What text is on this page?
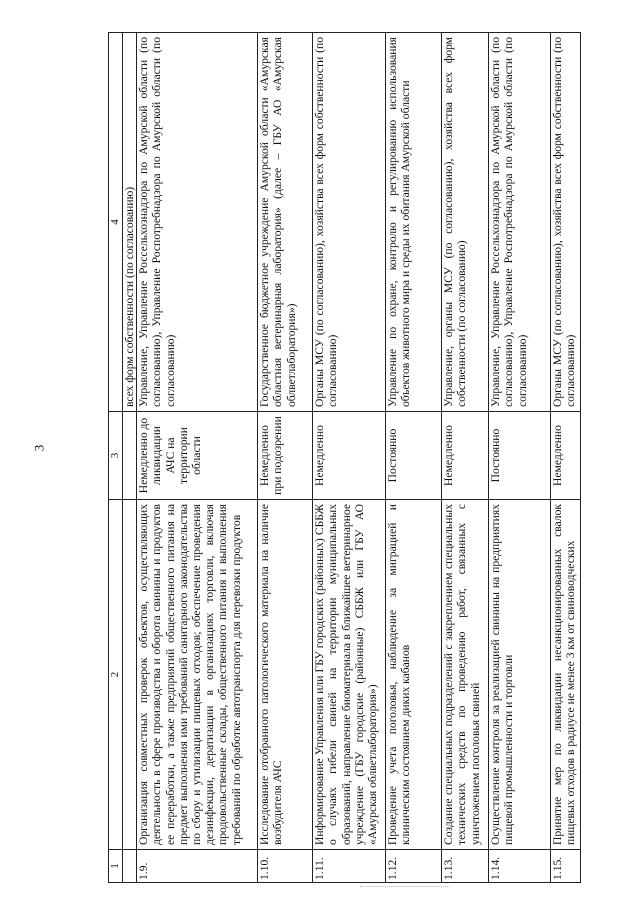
3
1	2	3	4
			всех форм собственности (по согласованию)
1.9.	Организация совместных проверок объектов, осуществляющих деятельность в сфере производства и оборота свинины и продуктов ее переработки, а также предприятий общественного питания на предмет выполнения ими требований санитарного законодательства по сбору и утилизации пищевых отходов; обеспечение проведения дезинфекции, дератизации в организациях торговли, включая продовольственные склады, общественного питания и выполнения требований по обработке автотранспорта для перевозки продуктов	Немедленно до ликвидации АЧС на территории области	Управление, Управление Россельхознадзора по Амурской области (по согласованию), Управление Роспотребнадзора по Амурской области (по согласованию)
1.10.	Исследование отобранного патологического материала на наличие возбудителя АЧС	Немедленно при подозрении	Государственное бюджетное учреждение Амурской области «Амурская областная ветеринарная лаборатория» (далее – ГБУ АО «Амурская облветлаборатория»)
1.11.	Информирование Управления или ГБУ городских (районных) СББЖ о случаях гибели свиней на территории муниципальных образований, направление биоматериала в ближайшее ветеринарное учреждение (ГБУ городские (районные) СББЖ или ГБУ АО «Амурская облветлаборатория»)	Немедленно	Органы МСУ (по согласованию), хозяйства всех форм собственности (по согласованию)
1.12.	Проведение учета поголовья, наблюдение за миграцией и клиническим состоянием диких кабанов	Постоянно	Управление по охране, контролю и регулированию использования объектов животного мира и среды их обитания Амурской области
1.13.	Создание специальных подразделений с закреплением специальных технических средств по проведению работ, связанных с уничтожением поголовья свиней	Немедленно	Управление, органы МСУ (по согласованию), хозяйства всех форм собственности (по согласованию)
1.14.	Осуществление контроля за реализацией свинины на предприятиях пищевой промышленности и торговли	Постоянно	Управление, Управление Россельхознадзора по Амурской области (по согласованию), Управление Роспотребнадзора по Амурской области (по согласованию)
1.15.	Принятие мер по ликвидации несанкционированных свалок пищевых отходов в радиусе не менее 3 км от свиноводческих	Немедленно	Органы МСУ (по согласованию), хозяйства всех форм собственности (по согласованию)
